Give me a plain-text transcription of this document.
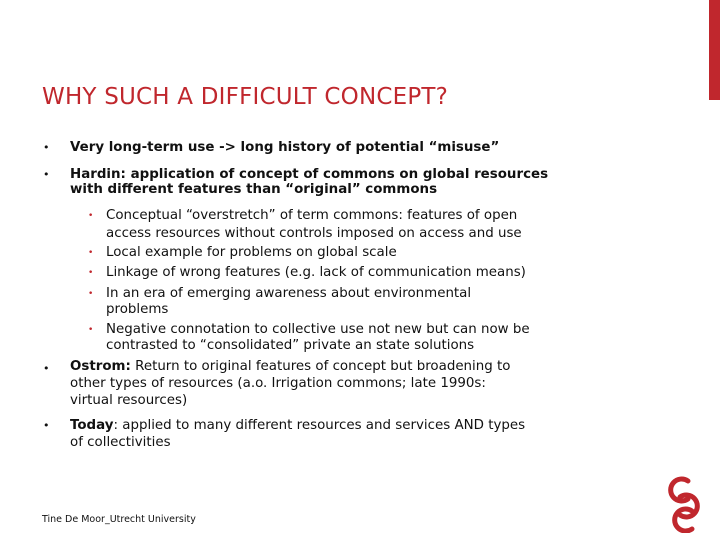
WHY SUCH A DIFFICULT CONCEPT?
• Very long-term use -> long history of potential “misuse”
• Hardin: application of concept of commons on global resources
with different features than “original” commons
• Conceptual “overstretch” of term commons: features of open
access resources without controls imposed on access and use
• Local example for problems on global scale
• Linkage of wrong features (e.g. lack of communication means)
• In an era of emerging awareness about environmental
problems
• Negative connotation to collective use not new but can now be
contrasted to “consolidated” private an state solutions
• Ostrom: Return to original features of concept but broadening to
other types of resources (a.o. Irrigation commons; late 1990s:
virtual resources)
• Today: applied to many different resources and services AND types
of collectivities
Tine De Moor_Utrecht University
